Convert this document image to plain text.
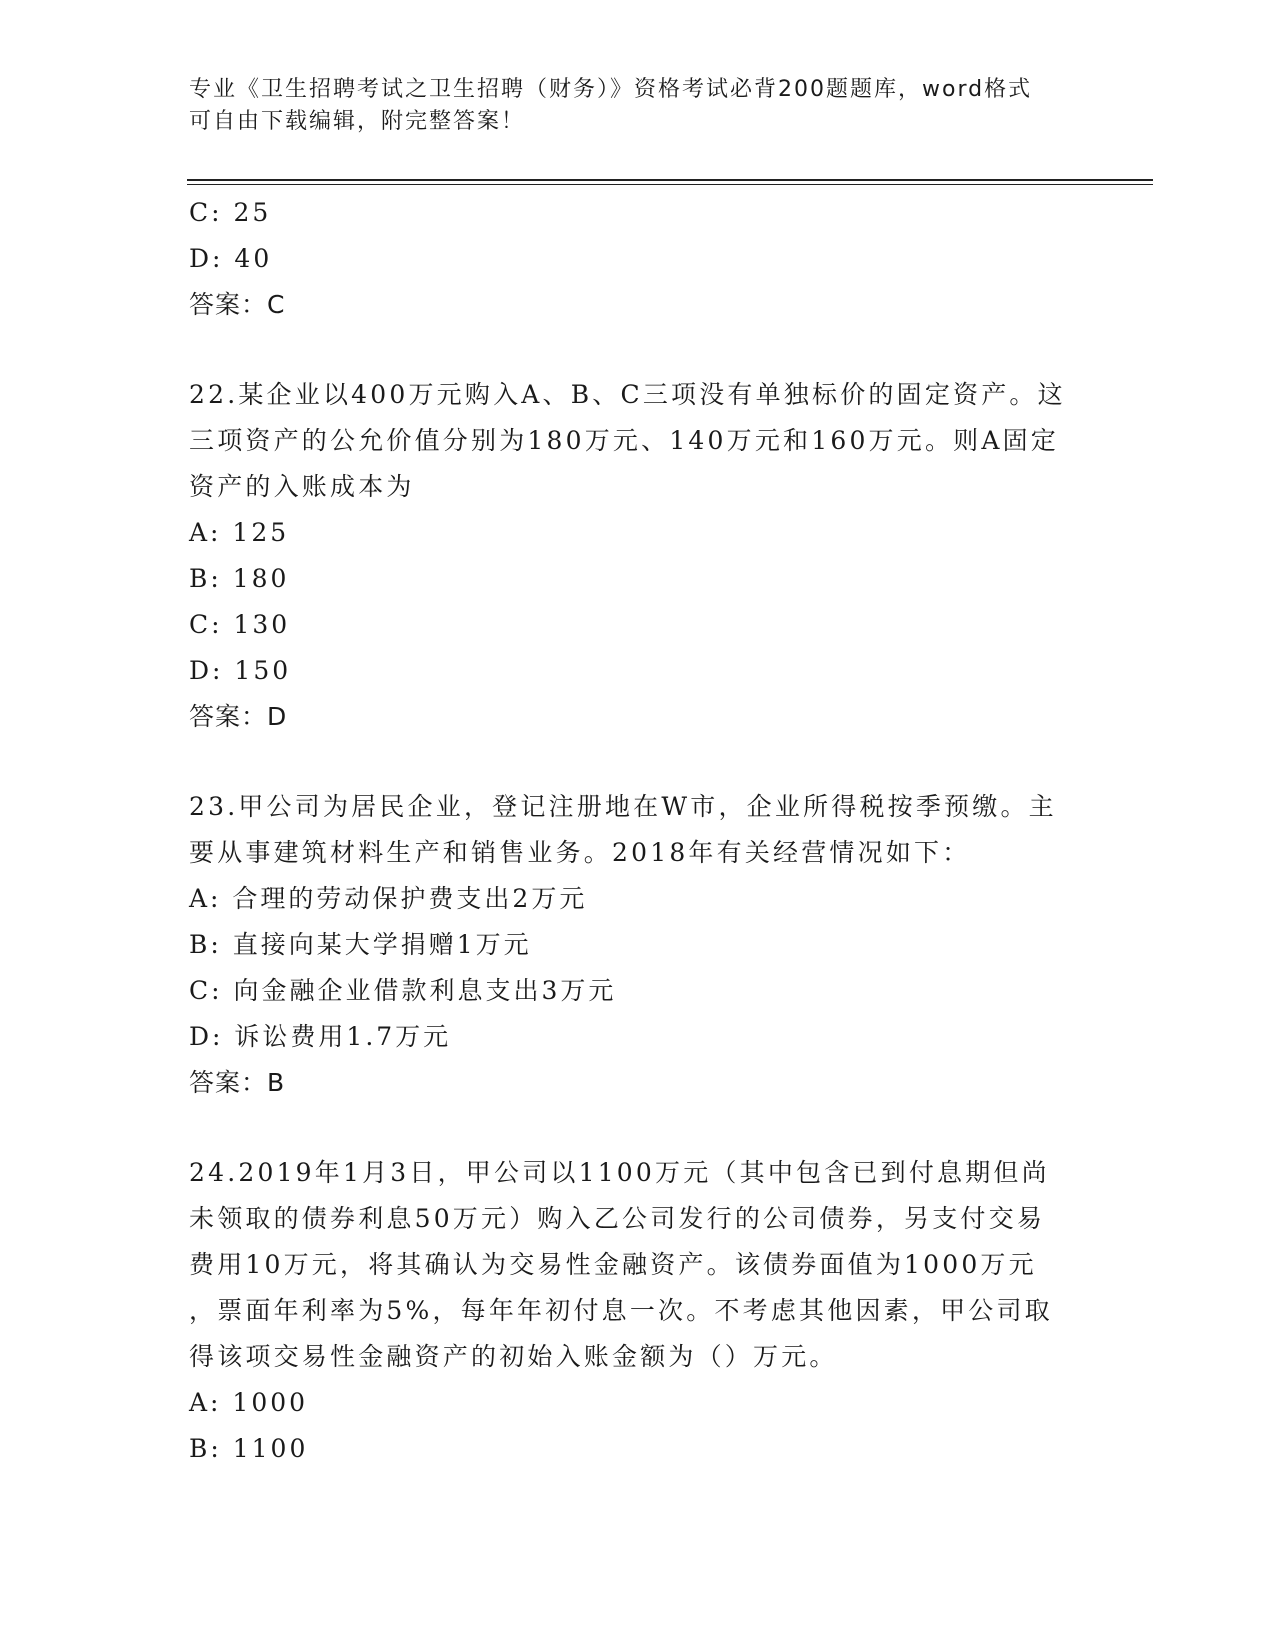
专业《卫生招聘考试之卫生招聘（财务）》资格考试必背200题题库，word格式
可自由下载编辑，附完整答案！
C: 25
D: 40
答案：C
22.某企业以400万元购入A、B、C三项没有单独标价的固定资产。这
三项资产的公允价值分别为180万元、140万元和160万元。则A固定
资产的入账成本为
A: 125
B: 180
C: 130
D: 150
答案：D
23.甲公司为居民企业，登记注册地在W市，企业所得税按季预缴。主
要从事建筑材料生产和销售业务。2018年有关经营情况如下：
A: 合理的劳动保护费支出2万元
B: 直接向某大学捐赠1万元
C: 向金融企业借款利息支出3万元
D: 诉讼费用1.7万元
答案：B
24.2019年1月3日，甲公司以1100万元（其中包含已到付息期但尚
未领取的债券利息50万元）购入乙公司发行的公司债券，另支付交易
费用10万元，将其确认为交易性金融资产。该债券面值为1000万元
，票面年利率为5%，每年年初付息一次。不考虑其他因素，甲公司取
得该项交易性金融资产的初始入账金额为（）万元。
A: 1000
B: 1100
